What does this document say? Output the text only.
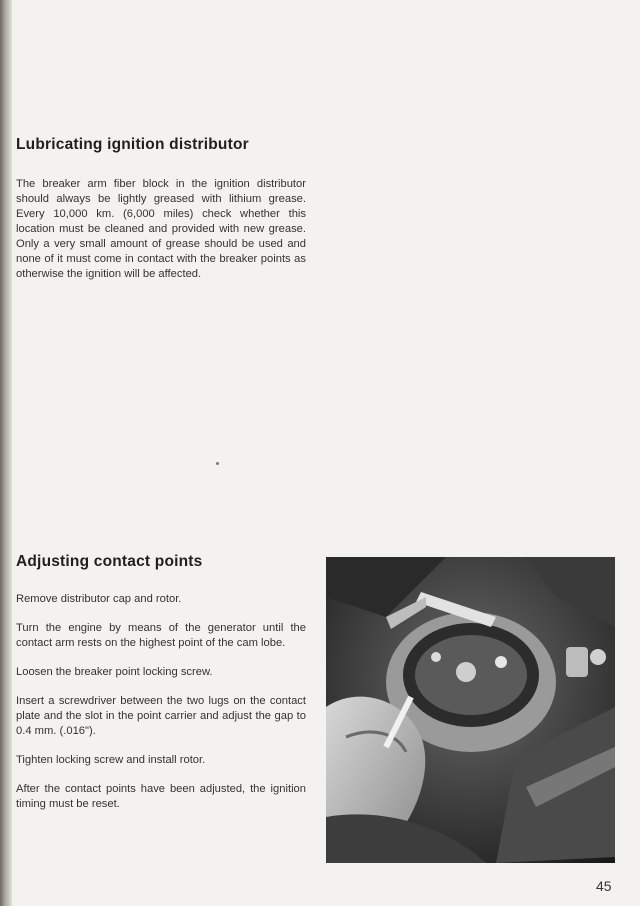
Lubricating ignition distributor

The breaker arm fiber block in the ignition distributor should always be lightly greased with lithium grease. Every 10,000 km. (6,000 miles) check whether this location must be cleaned and provided with new grease. Only a very small amount of grease should be used and none of it must come in contact with the breaker points as otherwise the ignition will be affected.

Adjusting contact points

Remove distributor cap and rotor.

Turn the engine by means of the generator until the contact arm rests on the highest point of the cam lobe.

Loosen the breaker point locking screw.

Insert a screwdriver between the two lugs on the contact plate and the slot in the point carrier and adjust the gap to 0.4 mm. (.016").

Tighten locking screw and install rotor.

After the contact points have been adjusted, the ignition timing must be reset.

45
